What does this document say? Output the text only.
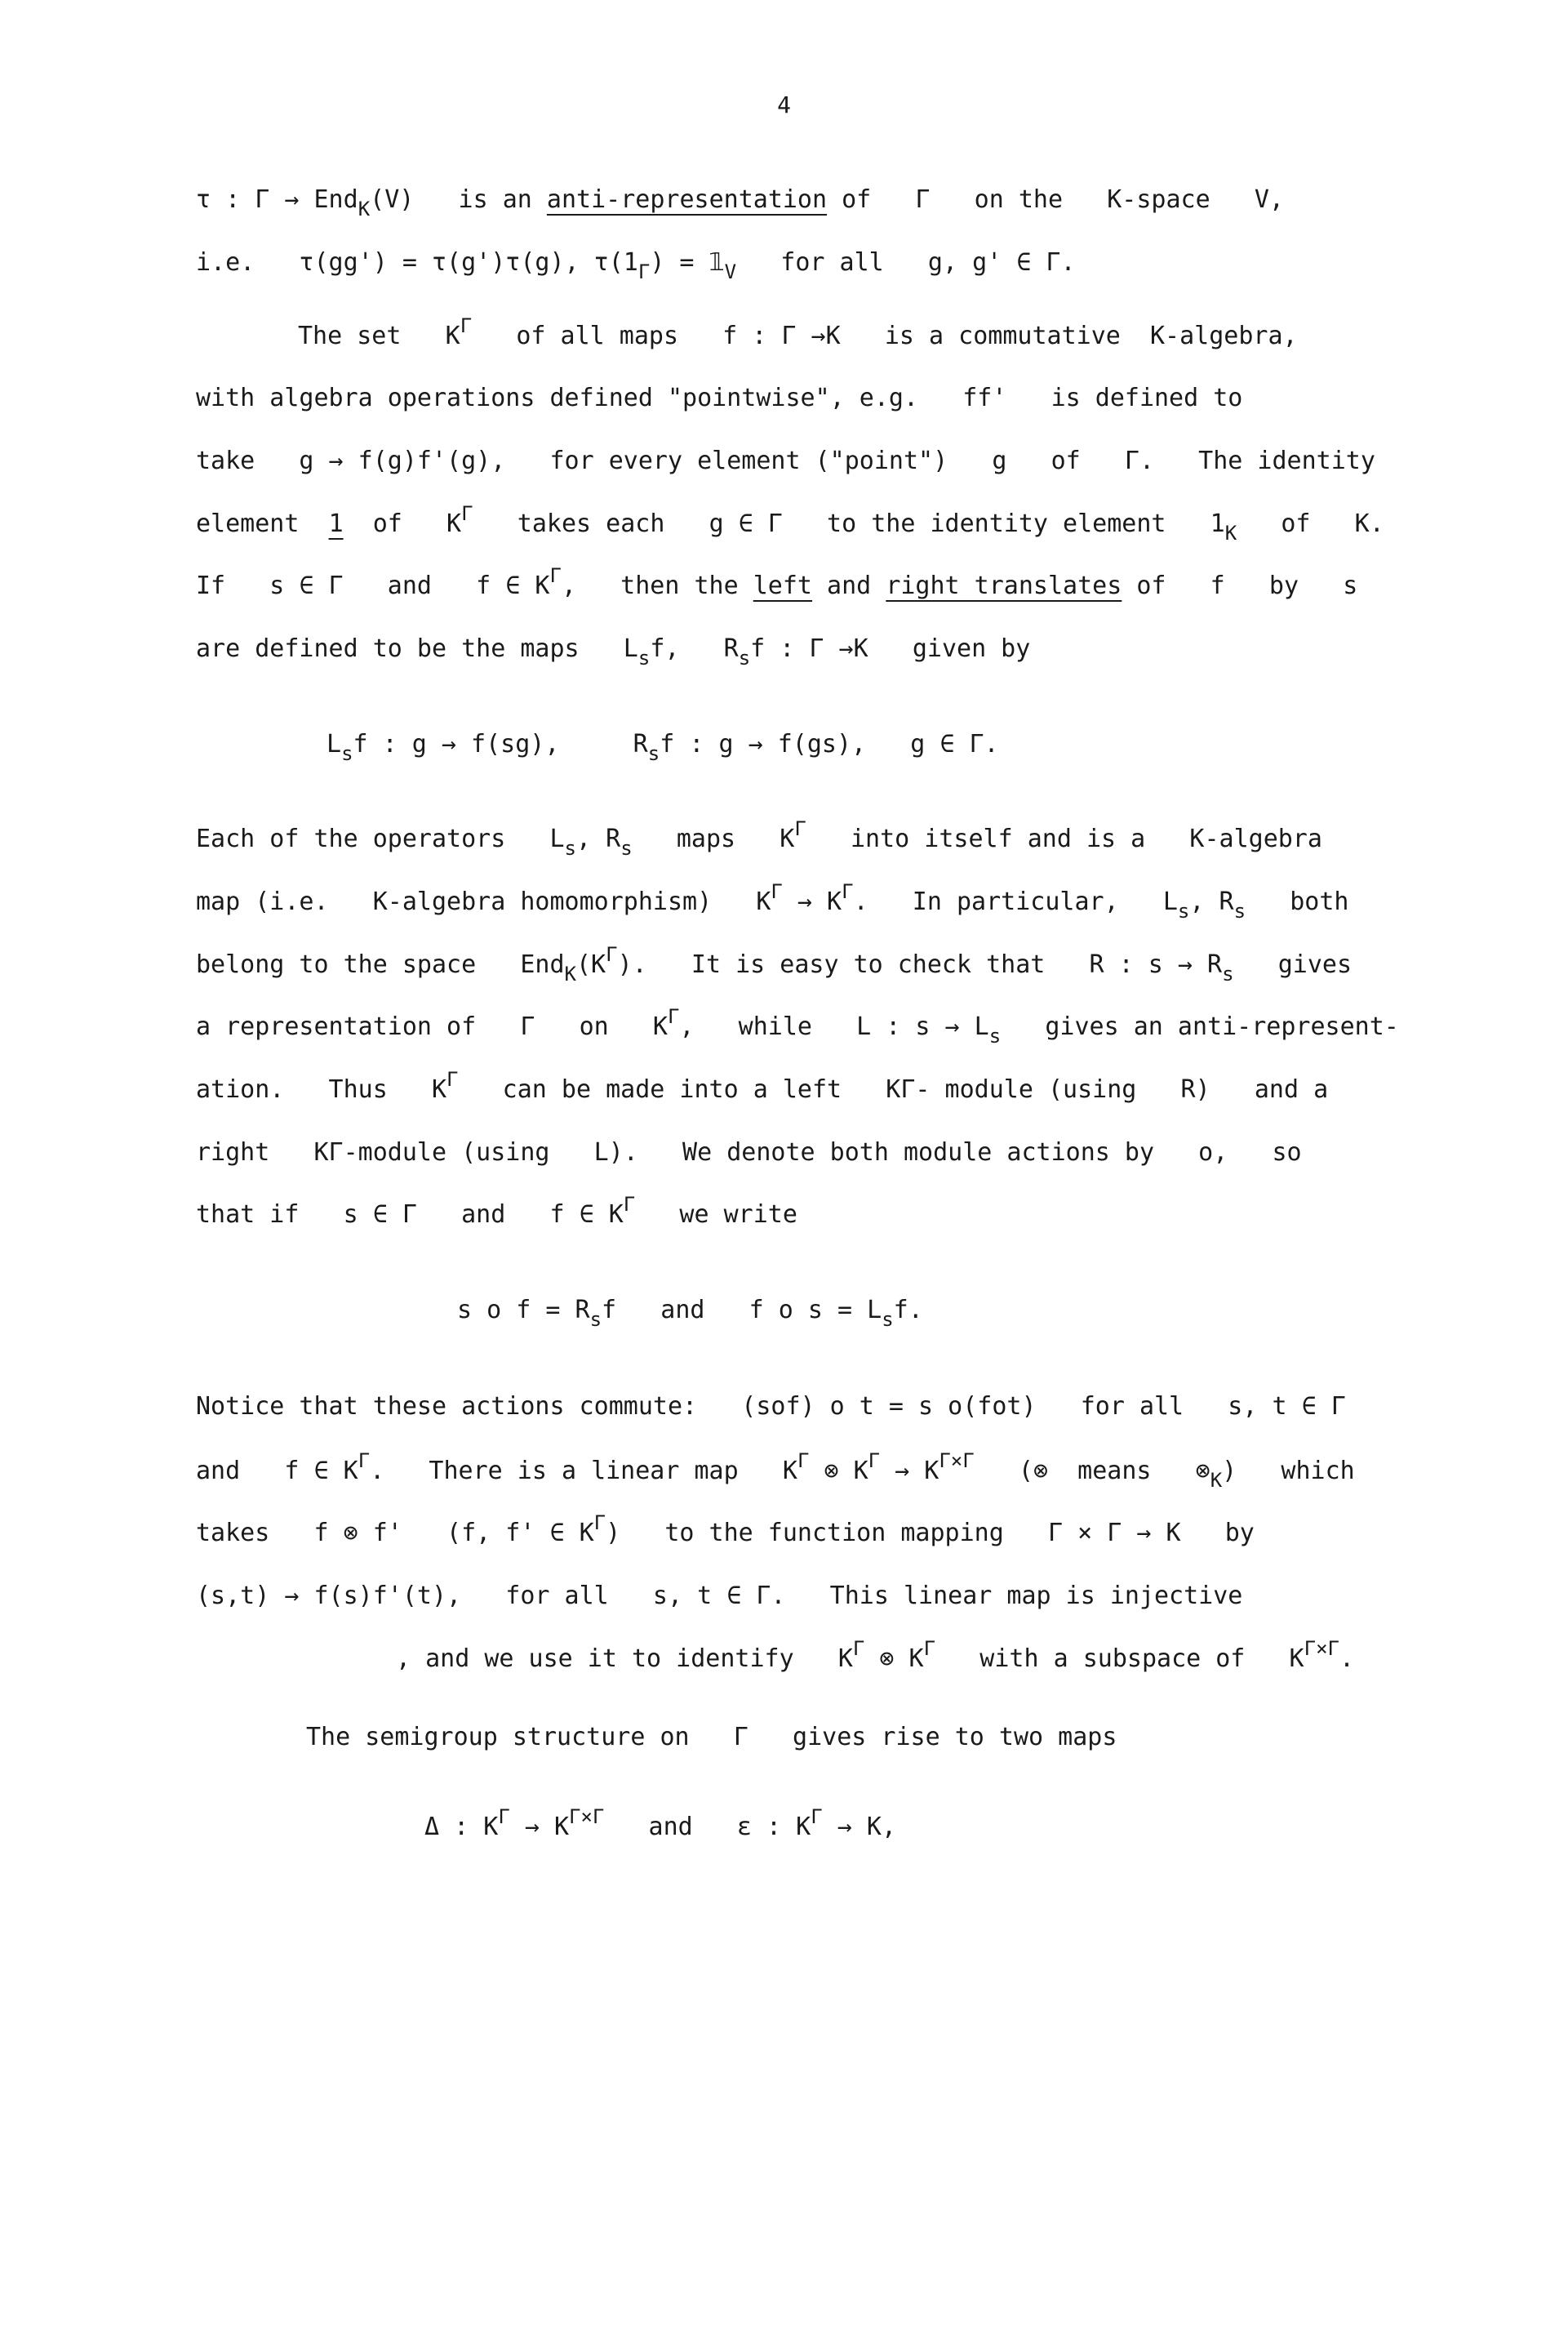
4
τ : Γ → End$_K$(V)   is an anti-representation of   Γ   on the   K-space   V,
i.e.   τ(gg') = τ(g')τ(g), $\tau(1_\Gamma)$ = $𝟙_V$   for all   g, g' ∈ Γ.
The set   $K^\Gamma$   of all maps   f : Γ →K   is a commutative  K-algebra,
with algebra operations defined "pointwise", e.g.   ff'   is defined to
take   g → f(g)f'(g),   for every element ("point")   g   of   Γ.   The identity
element  1  of   $K^\Gamma$   takes each   g ∈ Γ   to the identity element   $1_K$   of   K.
If   s ∈ Γ   and   f ∈ $K^\Gamma$,   then the left and right translates of   f   by   s
are defined to be the maps   $L_sf$,   $R_sf$ : Γ →K   given by
$L_sf$ : g → f(sg),     $R_sf$ : g → f(gs),   g ∈ Γ.
Each of the operators   $L_s$, $R_s$   maps   $K^\Gamma$   into itself and is a   K-algebra
map (i.e.   K-algebra homomorphism)   $K^\Gamma \to K^\Gamma$.   In particular,   $L_s$, $R_s$   both
belong to the space   $End_K(K^\Gamma)$.   It is easy to check that   R : $s \to R_s$   gives
a representation of   Γ   on   $K^\Gamma$,   while   L : $s \to L_s$   gives an anti-represent-
ation.   Thus   $K^\Gamma$   can be made into a left   KΓ- module (using   R)   and a
right   KΓ-module (using   L).   We denote both module actions by   o,   so
that if   s ∈ Γ   and   f ∈ $K^\Gamma$   we write
s o $f = R_sf$   and   f o $s = L_sf$.
Notice that these actions commute:   (sof) o t = s o(fot)   for all   s, t ∈ Γ
and   f ∈ $K^\Gamma$.   There is a linear map   $K^\Gamma$ ⊗ $K^\Gamma \to K^{\Gamma\times\Gamma}$   (⊗  means   $\otimes_K$)   which
takes   f ⊗ f'   (f, f' ∈ $K^\Gamma$)   to the function mapping   Γ × Γ → K   by
(s,t) → f(s)f'(t),   for all   s, t ∈ Γ.   This linear map is injective
, and we use it to identify   $K^\Gamma$ ⊗ $K^\Gamma$   with a subspace of   $K^{\Gamma\times\Gamma}$.
The semigroup structure on   Γ   gives rise to two maps
Δ : $K^\Gamma \to K^{\Gamma\times\Gamma}$   and   ε : $K^\Gamma \to K$,
